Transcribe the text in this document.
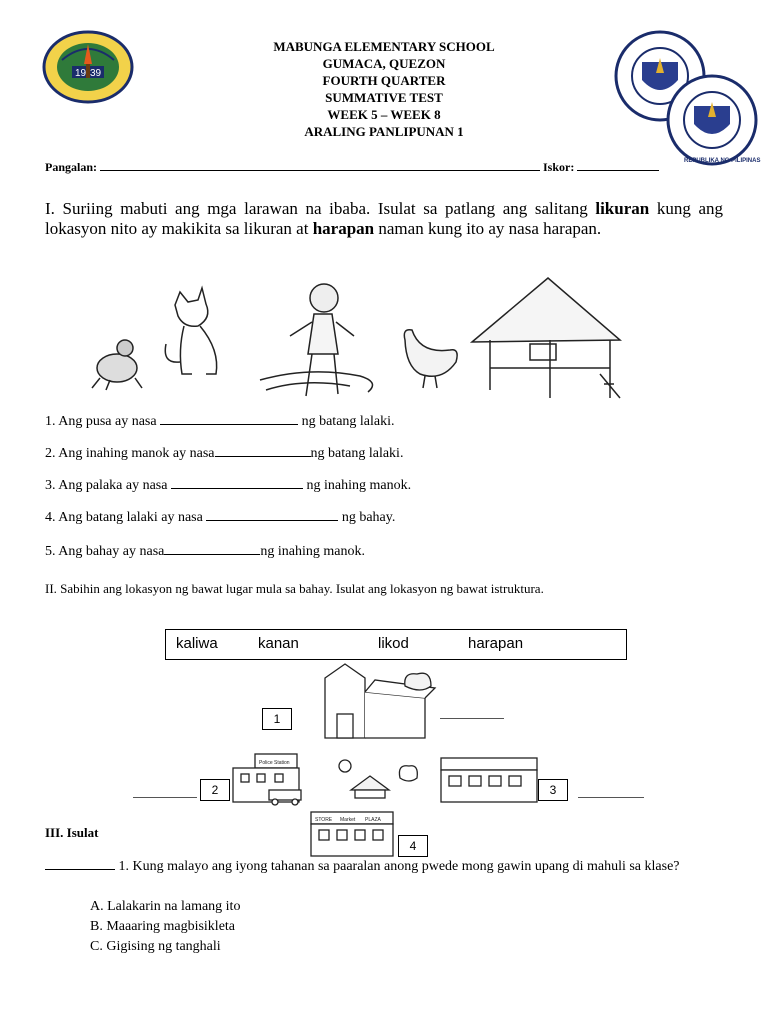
19 39
REPUBLIKA NG PILIPINAS
MABUNGA ELEMENTARY SCHOOL
GUMACA, QUEZON
FOURTH QUARTER
SUMMATIVE TEST
WEEK 5 – WEEK 8
ARALING PANLIPUNAN 1
Pangalan:	Iskor:
I. Suriing mabuti ang mga larawan na ibaba. Isulat sa patlang ang salitang likuran kung ang lokasyon nito ay makikita sa likuran at harapan naman kung ito ay nasa harapan.
1. Ang pusa ay nasa	ng batang lalaki.
2. Ang inahing manok ay nasa	ng batang lalaki.
3. Ang palaka ay nasa	ng inahing manok.
4. Ang batang lalaki ay nasa	ng bahay.
5. Ang bahay ay nasa	ng inahing manok.
II. Sabihin ang lokasyon ng bawat lugar mula sa bahay. Isulat ang lokasyon ng bawat istruktura.
kaliwa	kanan	likod	harapan
Police Station
STORE Market PLAZA
1
2	3
4
III. Isulat
1. Kung malayo ang iyong tahanan sa paaralan anong pwede mong gawin upang di mahuli sa klase?
A. Lalakarin na lamang ito
B. Maaaring magbisikleta
C. Gigising ng tanghali
